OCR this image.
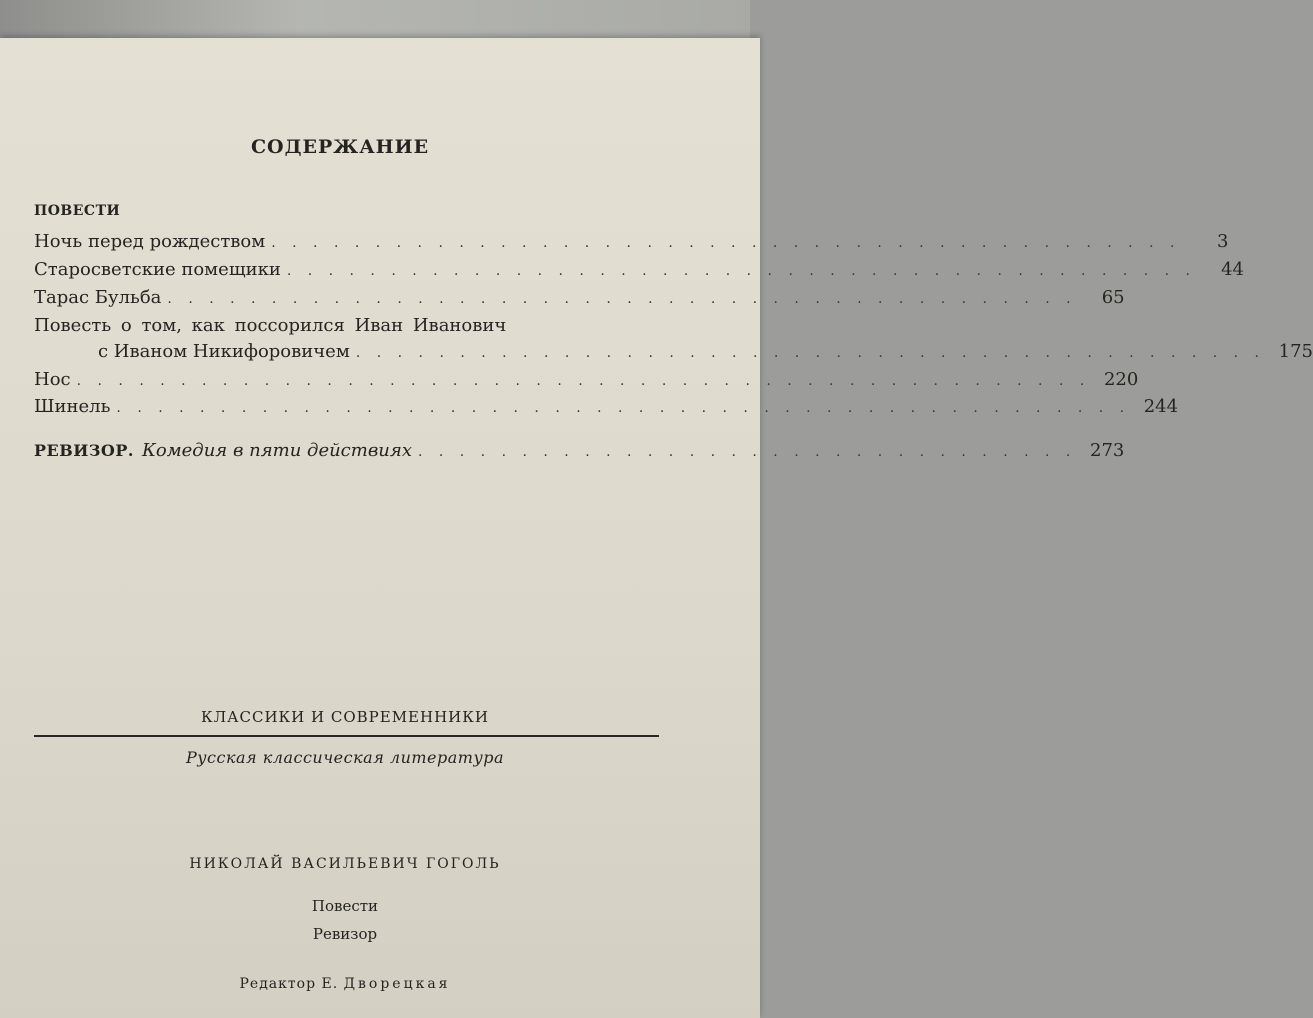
СОДЕРЖАНИЕ
ПОВЕСТИ
Ночь перед рождеством . . . . . . . . . . . . . . . . . . . . . . . . . . . . . . . . . . . . . . . . . . . .	3
Старосветские помещики . . . . . . . . . . . . . . . . . . . . . . . . . . . . . . . . . . . . . . . . . . . .	44
Тарас Бульба . . . . . . . . . . . . . . . . . . . . . . . . . . . . . . . . . . . . . . . . . . . .	65
Повесть о том, как поссорился Иван Иванович
с Иваном Никифоровичем . . . . . . . . . . . . . . . . . . . . . . . . . . . . . . . . . . . . . . . . . . . . 175
Нос . . . . . . . . . . . . . . . . . . . . . . . . . . . . . . . . . . . . . . . . . . . . . . . . . 220
Шинель . . . . . . . . . . . . . . . . . . . . . . . . . . . . . . . . . . . . . . . . . . . . . . . . . 244
РЕВИЗОР. Комедия в пяти действиях . . . . . . . . . . . . . . . . . . . . . . . . . . . . . . . . 273
КЛАССИКИ И СОВРЕМЕННИКИ
Русская классическая литература
НИКОЛАЙ ВАСИЛЬЕВИЧ ГОГОЛЬ
Повести
Ревизор
Редактор Е. Дворецкая
